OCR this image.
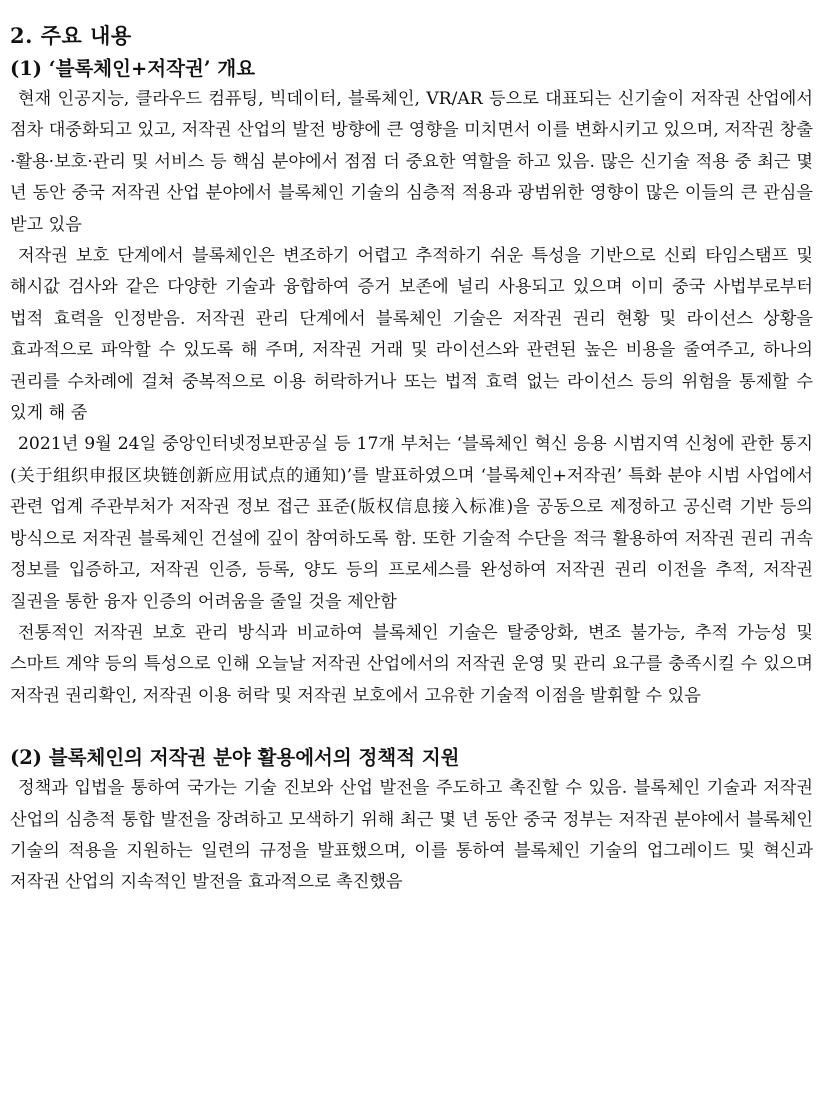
2. 주요 내용
(1) ‘블록체인+저작권’ 개요

현재 인공지능, 클라우드 컴퓨팅, 빅데이터, 블록체인, VR/AR 등으로 대표되는 신기술이 저작권 산업에서 점차 대중화되고 있고, 저작권 산업의 발전 방향에 큰 영향을 미치면서 이를 변화시키고 있으며, 저작권 창출·활용·보호·관리 및 서비스 등 핵심 분야에서 점점 더 중요한 역할을 하고 있음. 많은 신기술 적용 중 최근 몇 년 동안 중국 저작권 산업 분야에서 블록체인 기술의 심층적 적용과 광범위한 영향이 많은 이들의 큰 관심을 받고 있음

저작권 보호 단계에서 블록체인은 변조하기 어렵고 추적하기 쉬운 특성을 기반으로 신뢰 타임스탬프 및 해시값 검사와 같은 다양한 기술과 융합하여 증거 보존에 널리 사용되고 있으며 이미 중국 사법부로부터 법적 효력을 인정받음. 저작권 관리 단계에서 블록체인 기술은 저작권 권리 현황 및 라이선스 상황을 효과적으로 파악할 수 있도록 해 주며, 저작권 거래 및 라이선스와 관련된 높은 비용을 줄여주고, 하나의 권리를 수차례에 걸쳐 중복적으로 이용 허락하거나 또는 법적 효력 없는 라이선스 등의 위험을 통제할 수 있게 해 줌

2021년 9월 24일 중앙인터넷정보판공실 등 17개 부처는 ‘블록체인 혁신 응용 시범지역 신청에 관한 통지(关于组织申报区块链创新应用试点的通知)’를 발표하였으며 ‘블록체인+저작권’ 특화 분야 시범 사업에서 관련 업계 주관부처가 저작권 정보 접근 표준(版权信息接入标准)을 공동으로 제정하고 공신력 기반 등의 방식으로 저작권 블록체인 건설에 깊이 참여하도록 함. 또한 기술적 수단을 적극 활용하여 저작권 권리 귀속 정보를 입증하고, 저작권 인증, 등록, 양도 등의 프로세스를 완성하여 저작권 권리 이전을 추적, 저작권 질권을 통한 융자 인증의 어려움을 줄일 것을 제안함

전통적인 저작권 보호 관리 방식과 비교하여 블록체인 기술은 탈중앙화, 변조 불가능, 추적 가능성 및 스마트 계약 등의 특성으로 인해 오늘날 저작권 산업에서의 저작권 운영 및 관리 요구를 충족시킬 수 있으며 저작권 권리확인, 저작권 이용 허락 및 저작권 보호에서 고유한 기술적 이점을 발휘할 수 있음

(2) 블록체인의 저작권 분야 활용에서의 정책적 지원

정책과 입법을 통하여 국가는 기술 진보와 산업 발전을 주도하고 촉진할 수 있음. 블록체인 기술과 저작권 산업의 심층적 통합 발전을 장려하고 모색하기 위해 최근 몇 년 동안 중국 정부는 저작권 분야에서 블록체인 기술의 적용을 지원하는 일련의 규정을 발표했으며, 이를 통하여 블록체인 기술의 업그레이드 및 혁신과 저작권 산업의 지속적인 발전을 효과적으로 촉진했음
